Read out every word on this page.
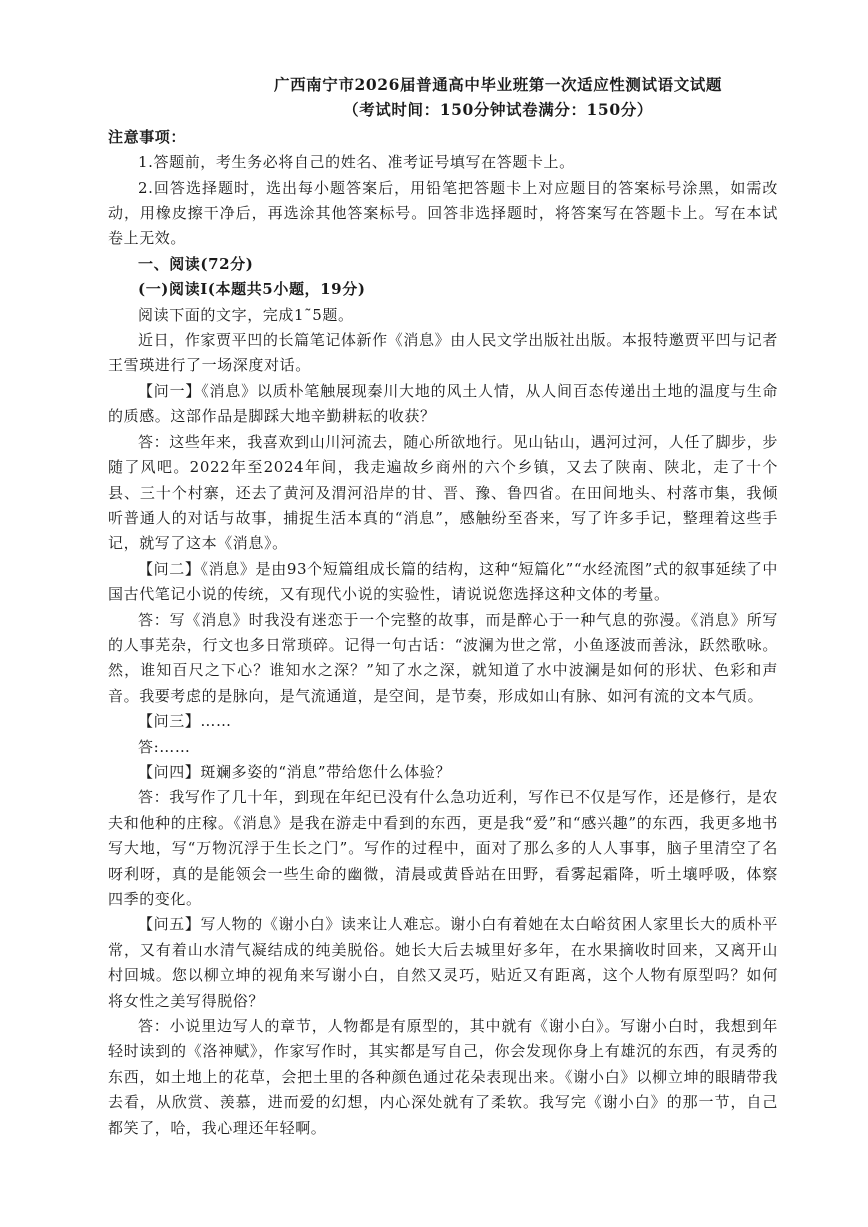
广西南宁市2026届普通高中毕业班第一次适应性测试语文试题
（考试时间：150分钟试卷满分：150分）

注意事项：

1.答题前，考生务必将自己的姓名、准考证号填写在答题卡上。

2.回答选择题时，选出每小题答案后，用铅笔把答题卡上对应题目的答案标号涂黑，如需改动，用橡皮擦干净后，再选涂其他答案标号。回答非选择题时，将答案写在答题卡上。写在本试卷上无效。

一、阅读(72分)

(一)阅读Ⅰ(本题共5小题，19分)

阅读下面的文字，完成1˜5题。

近日，作家贾平凹的长篇笔记体新作《消息》由人民文学出版社出版。本报特邀贾平凹与记者王雪瑛进行了一场深度对话。

【问一】《消息》以质朴笔触展现秦川大地的风土人情，从人间百态传递出土地的温度与生命的质感。这部作品是脚踩大地辛勤耕耘的收获？

答：这些年来，我喜欢到山川河流去，随心所欲地行。见山钻山，遇河过河，人任了脚步，步随了风吧。2022年至2024年间，我走遍故乡商州的六个乡镇，又去了陕南、陕北，走了十个县、三十个村寨，还去了黄河及渭河沿岸的甘、晋、豫、鲁四省。在田间地头、村落市集，我倾听普通人的对话与故事，捕捉生活本真的“消息”，感触纷至沓来，写了许多手记，整理着这些手记，就写了这本《消息》。

【问二】《消息》是由93个短篇组成长篇的结构，这种“短篇化”“水经流图”式的叙事延续了中国古代笔记小说的传统，又有现代小说的实验性，请说说您选择这种文体的考量。

答：写《消息》时我没有迷恋于一个完整的故事，而是醉心于一种气息的弥漫。《消息》所写的人事芜杂，行文也多日常琐碎。记得一句古话：“波澜为世之常，小鱼逐波而善泳，跃然歌咏。然，谁知百尺之下心？谁知水之深？”知了水之深，就知道了水中波澜是如何的形状、色彩和声音。我要考虑的是脉向，是气流通道，是空间，是节奏，形成如山有脉、如河有流的文本气质。

【问三】……

答:……

【问四】斑斓多姿的“消息”带给您什么体验？

答：我写作了几十年，到现在年纪已没有什么急功近利，写作已不仅是写作，还是修行，是农夫和他种的庄稼。《消息》是我在游走中看到的东西，更是我“爱”和“感兴趣”的东西，我更多地书写大地，写“万物沉浮于生长之门”。写作的过程中，面对了那么多的人人事事，脑子里清空了名呀利呀，真的是能领会一些生命的幽微，清晨或黄昏站在田野，看雾起霜降，听土壤呼吸，体察四季的变化。

【问五】写人物的《谢小白》读来让人难忘。谢小白有着她在太白峪贫困人家里长大的质朴平常，又有着山水清气凝结成的纯美脱俗。她长大后去城里好多年，在水果摘收时回来，又离开山村回城。您以柳立坤的视角来写谢小白，自然又灵巧，贴近又有距离，这个人物有原型吗？如何将女性之美写得脱俗？

答：小说里边写人的章节，人物都是有原型的，其中就有《谢小白》。写谢小白时，我想到年轻时读到的《洛神赋》，作家写作时，其实都是写自己，你会发现你身上有雄沉的东西，有灵秀的东西，如土地上的花草，会把土里的各种颜色通过花朵表现出来。《谢小白》以柳立坤的眼睛带我去看，从欣赏、羡慕，进而爱的幻想，内心深处就有了柔软。我写完《谢小白》的那一节，自己都笑了，哈，我心理还年轻啊。
